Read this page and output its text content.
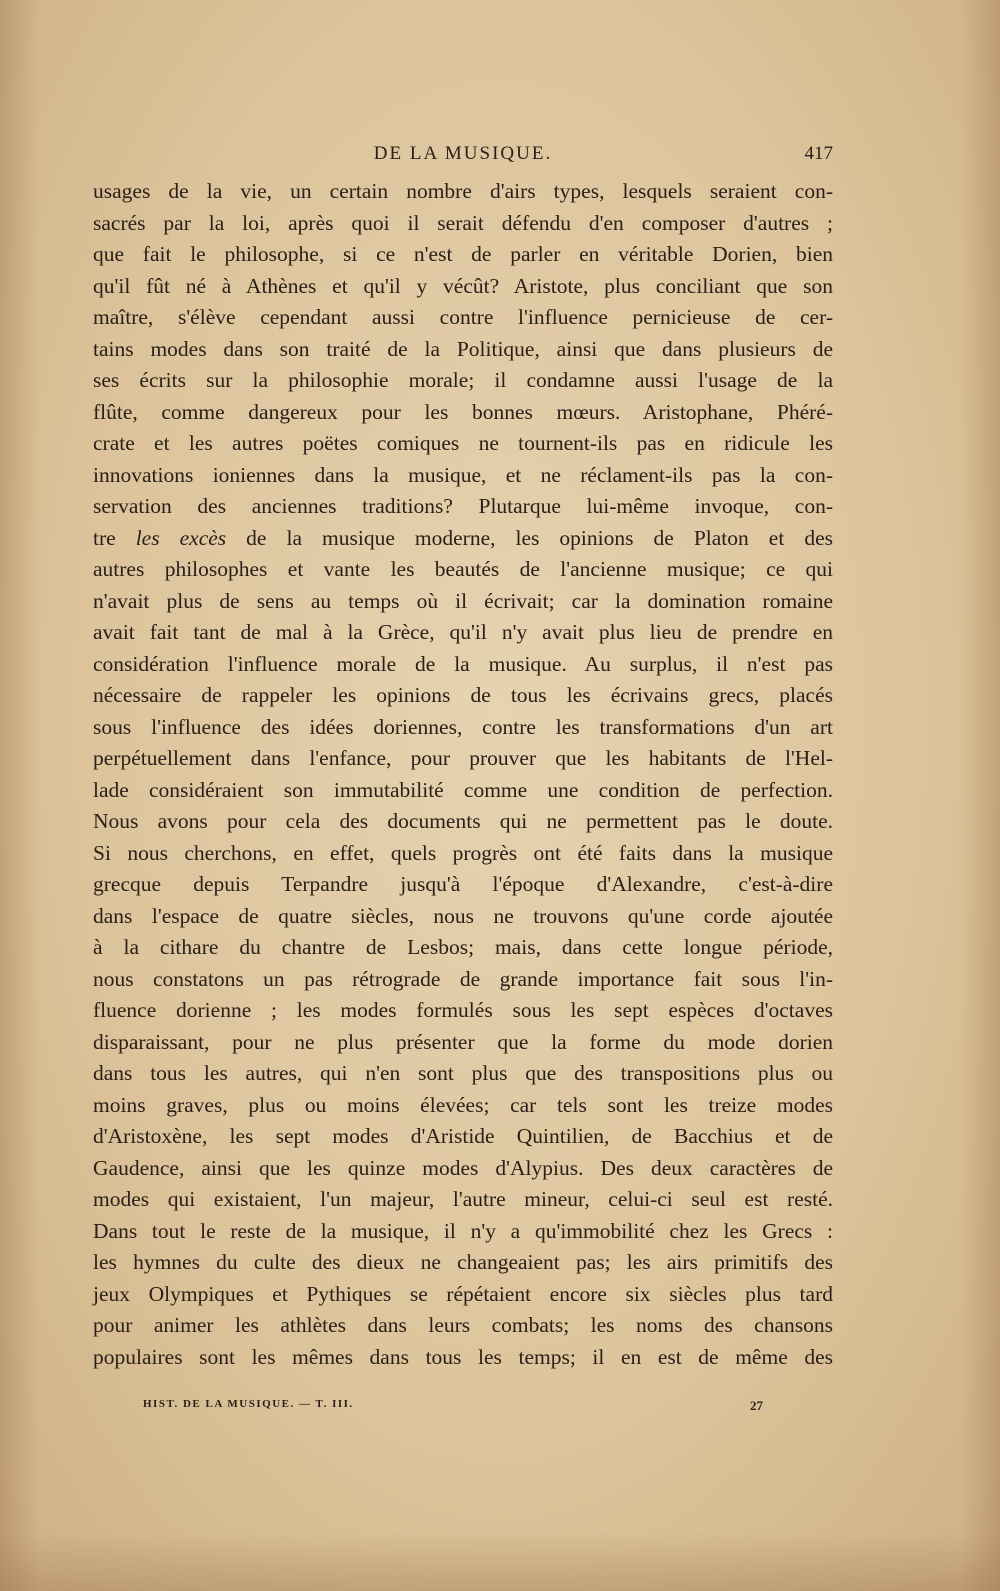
DE LA MUSIQUE.	417
usages de la vie, un certain nombre d'airs types, lesquels seraient con-
sacrés par la loi, après quoi il serait défendu d'en composer d'autres ;
que fait le philosophe, si ce n'est de parler en véritable Dorien, bien
qu'il fût né à Athènes et qu'il y vécût? Aristote, plus conciliant que son
maître, s'élève cependant aussi contre l'influence pernicieuse de cer-
tains modes dans son traité de la Politique, ainsi que dans plusieurs de
ses écrits sur la philosophie morale; il condamne aussi l'usage de la
flûte, comme dangereux pour les bonnes mœurs. Aristophane, Phéré-
crate et les autres poëtes comiques ne tournent-ils pas en ridicule les
innovations ioniennes dans la musique, et ne réclament-ils pas la con-
servation des anciennes traditions? Plutarque lui-même invoque, con-
tre les excès de la musique moderne, les opinions de Platon et des
autres philosophes et vante les beautés de l'ancienne musique; ce qui
n'avait plus de sens au temps où il écrivait; car la domination romaine
avait fait tant de mal à la Grèce, qu'il n'y avait plus lieu de prendre en
considération l'influence morale de la musique. Au surplus, il n'est pas
nécessaire de rappeler les opinions de tous les écrivains grecs, placés
sous l'influence des idées doriennes, contre les transformations d'un art
perpétuellement dans l'enfance, pour prouver que les habitants de l'Hel-
lade considéraient son immutabilité comme une condition de perfection.
Nous avons pour cela des documents qui ne permettent pas le doute.
Si nous cherchons, en effet, quels progrès ont été faits dans la musique
grecque depuis Terpandre jusqu'à l'époque d'Alexandre, c'est-à-dire
dans l'espace de quatre siècles, nous ne trouvons qu'une corde ajoutée
à la cithare du chantre de Lesbos; mais, dans cette longue période,
nous constatons un pas rétrograde de grande importance fait sous l'in-
fluence dorienne ; les modes formulés sous les sept espèces d'octaves
disparaissant, pour ne plus présenter que la forme du mode dorien
dans tous les autres, qui n'en sont plus que des transpositions plus ou
moins graves, plus ou moins élevées; car tels sont les treize modes
d'Aristoxène, les sept modes d'Aristide Quintilien, de Bacchius et de
Gaudence, ainsi que les quinze modes d'Alypius. Des deux caractères de
modes qui existaient, l'un majeur, l'autre mineur, celui-ci seul est resté.
Dans tout le reste de la musique, il n'y a qu'immobilité chez les Grecs :
les hymnes du culte des dieux ne changeaient pas; les airs primitifs des
jeux Olympiques et Pythiques se répétaient encore six siècles plus tard
pour animer les athlètes dans leurs combats; les noms des chansons
populaires sont les mêmes dans tous les temps; il en est de même des
HIST. DE LA MUSIQUE. — T. III.	27
